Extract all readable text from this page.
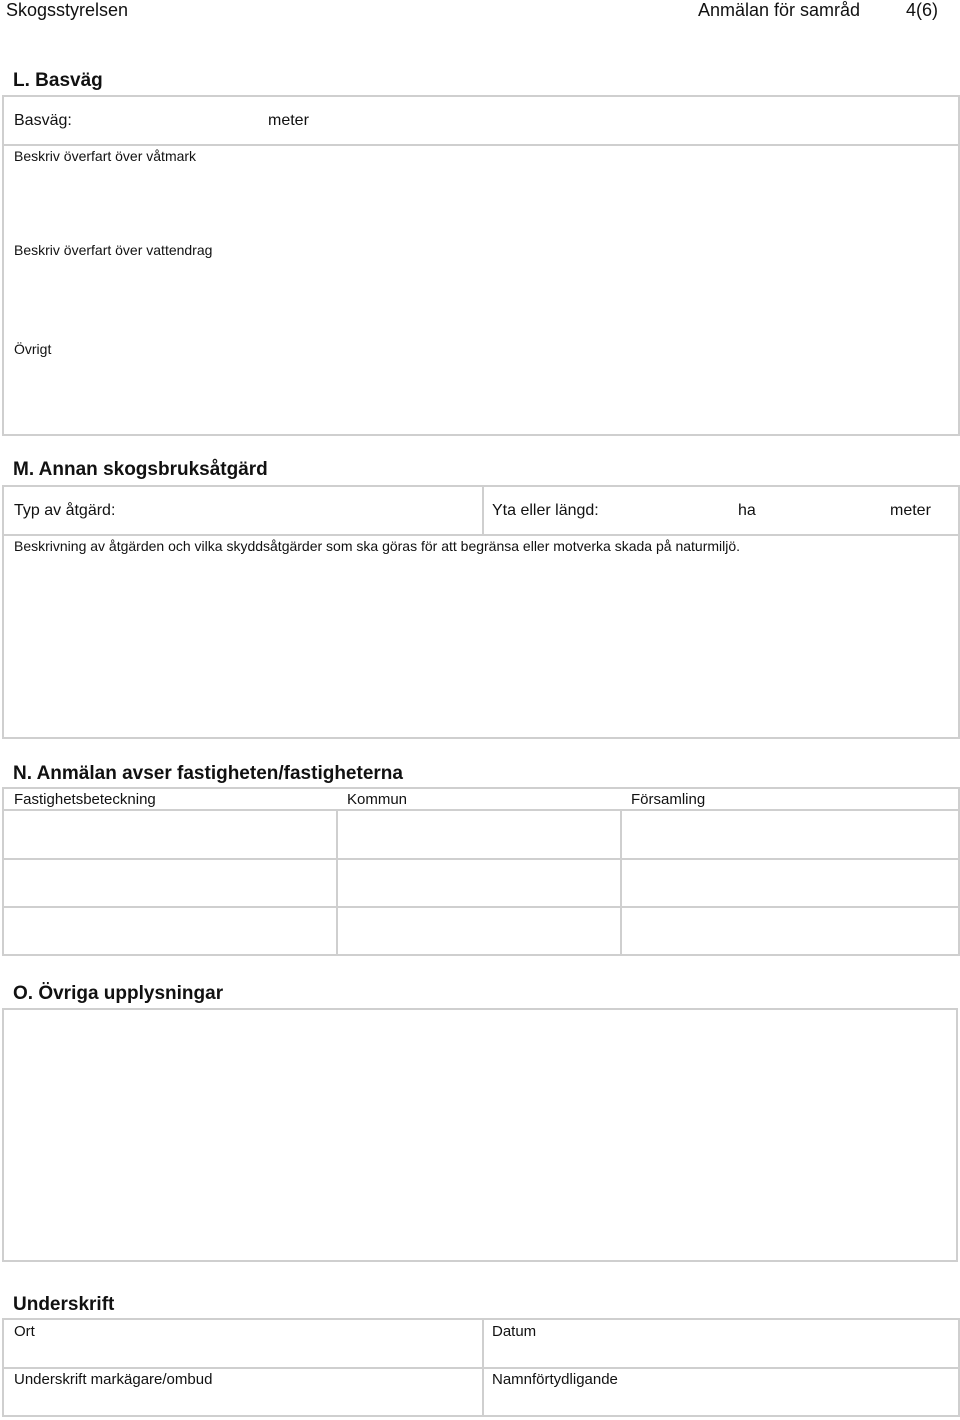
Skogsstyrelsen	Anmälan för samråd	4(6)
L. Basväg
Basväg:	meter
Beskriv överfart över våtmark
Beskriv överfart över vattendrag
Övrigt
M. Annan skogsbruksåtgärd
Typ av åtgärd:	Yta eller längd:	ha	meter
Beskrivning av åtgärden och vilka skyddsåtgärder som ska göras för att begränsa eller motverka skada på naturmiljö.
N. Anmälan avser fastigheten/fastigheterna
Fastighetsbeteckning	Kommun	Församling
O. Övriga upplysningar
Underskrift
Ort	Datum
Underskrift markägare/ombud	Namnförtydligande
